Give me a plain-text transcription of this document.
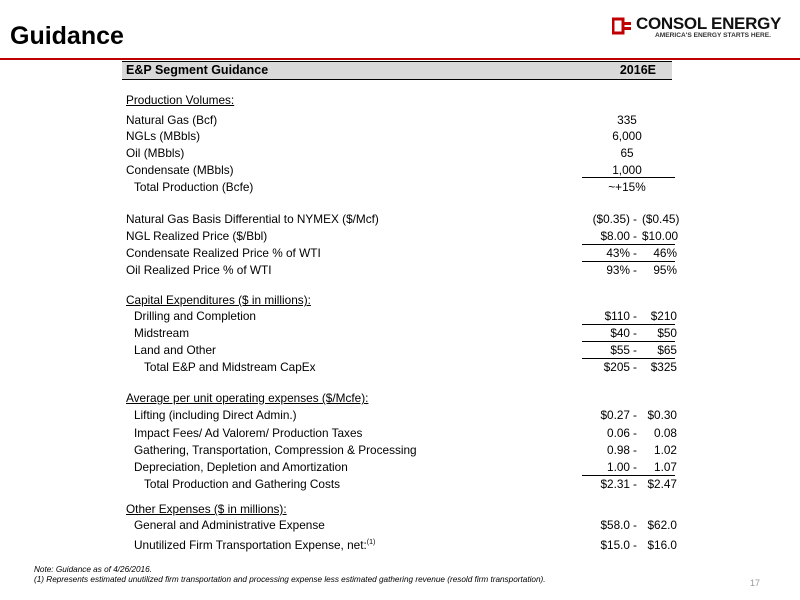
Guidance	CONSOL ENERGY
AMERICA'S ENERGY STARTS HERE.
E&P Segment Guidance	2016E
Production Volumes:
Natural Gas (Bcf)	335
NGLs (MBbls)	6,000
Oil (MBbls)	65
Condensate (MBbls)	1,000
Total Production (Bcfe)	~+15%
Natural Gas Basis Differential to NYMEX ($/Mcf)	($0.35) - ($0.45)
NGL Realized Price ($/Bbl)	$8.00 - $10.00
Condensate Realized Price % of WTI	43% -	46%
Oil Realized Price % of WTI	93% -	95%
Capital Expenditures ($ in millions):
Drilling and Completion	$110 -	$210
Midstream	$40 -	$50
Land and Other	$55 -	$65
Total E&P and Midstream CapEx	$205 -	$325
Average per unit operating expenses ($/Mcfe):
Lifting (including Direct Admin.)	$0.27 - $0.30
Impact Fees/ Ad Valorem/ Production Taxes	0.06 -	0.08
Gathering, Transportation, Compression & Processing	0.98 -	1.02
Depreciation, Depletion and Amortization	1.00 -	1.07
Total Production and Gathering Costs	$2.31 - $2.47
Other Expenses ($ in millions):
General and Administrative Expense	$58.0 - $62.0
Unutilized Firm Transportation Expense, net:$^{(1)}$	$15.0 - $16.0
Note: Guidance as of 4/26/2016.
(1) Represents estimated unutilized firm transportation and processing expense less estimated gathering revenue (resold firm transportation).	17
